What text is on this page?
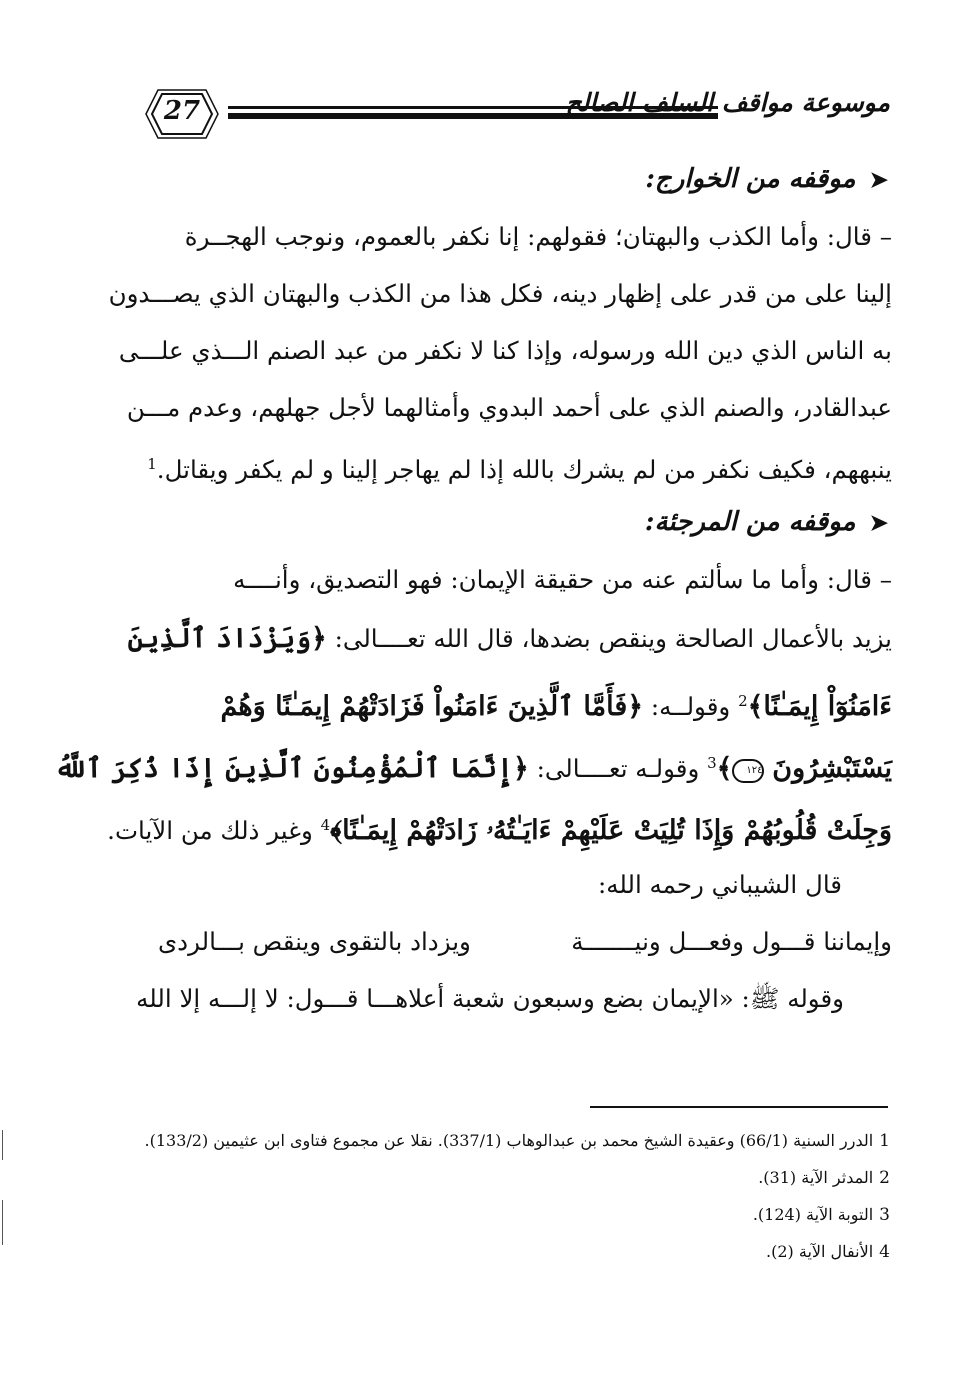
27	موسوعة مواقف السلف الصالح
➤موقفه من الخوارج:
– قال: وأما الكذب والبهتان؛ فقولهم: إنا نكفر بالعموم، ونوجب الهجــرة
إلينا على من قدر على إظهار دينه، فكل هذا من الكذب والبهتان الذي يصـــدون
به الناس الذي دين الله ورسوله، وإذا كنا لا نكفر من عبد الصنم الـــذي علـــى
عبدالقادر، والصنم الذي على أحمد البدوي وأمثالهما لأجل جهلهم، وعدم مـــن
ينبههم، فكيف نكفر من لم يشرك بالله إذا لم يهاجر إلينا و لم يكفر ويقاتل.$^1$
➤موقفه من المرجئة:
– قال: وأما ما سألتم عنه من حقيقة الإيمان: فهو التصديق، وأنــــه
يزيد بالأعمال الصالحة وينقص بضدها، قال الله تعــــالى: ﴿وَيَزْدَادَ ٱلَّذِينَ
ءَامَنُوٓاْ إِيمَـٰنًا﴾$^2$ وقولــه: ﴿فَأَمَّا ٱلَّذِينَ ءَامَنُواْ فَزَادَتْهُمْ إِيمَـٰنًا وَهُمْ
يَسْتَبْشِرُونَ ١٢٤﴾$^3$ وقولـه تعــــالى: ﴿إِنَّمَا ٱلْمُؤْمِنُونَ ٱلَّذِينَ إِذَا ذُكِرَ ٱللَّهُ
وَجِلَتْ قُلُوبُهُمْ وَإِذَا تُلِيَتْ عَلَيْهِمْ ءَايَـٰتُهُۥ زَادَتْهُمْ إِيمَـٰنًا﴾$^4$ وغير ذلك من الآيات.
قال الشيباني رحمه الله:
وإيماننا قـــول وفعـــل ونيـــــــة
ويزداد بالتقوى وينقص بـــالردى
وقوله ﷺ: «الإيمان بضع وسبعون شعبة أعلاهـــا قـــول: لا إلـــه إلا الله
1الدرر السنية (66/1) وعقيدة الشيخ محمد بن عبدالوهاب (337/1). نقلا عن مجموع فتاوى ابن عثيمين (133/2).
2المدثر الآية (31).
3التوبة الآية (124).
4الأنفال الآية (2).
